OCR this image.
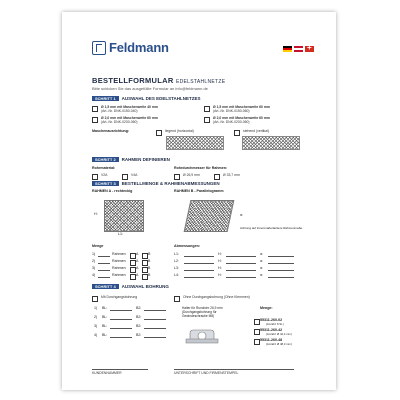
Feldmann
+
BESTELLFORMULAR EDELSTAHLNETZE
Bitte schicken Sie das ausgefüllte Formular an info@feldmann.de
SCHRITT 1	AUSWAHL DES EDELSTAHLNETZES
Ø 1,5 mm mit Maschenweite 40 mm
(Art.-Nr. DNK-0150-040)
Ø 1,5 mm mit Maschenweite 60 mm
(Art.-Nr. DNK-0150-060)
Ø 2,0 mm mit Maschenweite 60 mm
(Art.-Nr. DNK-0200-060)
Ø 2,0 mm mit Maschenweite 60 mm
(Art.-Nr. DNK-0200-060)
Maschenausrichtung:	liegend (horizontal)	stehend (vertikal)
SCHRITT 2	RAHMEN DEFINIEREN
Rohrmaterial:
V2A	V4A
Rohrdurchmesser für Rahmen:
Ø 26,9 mm	Ø 33,7 mm
SCHRITT 3	BESTELLMENGE & RAHMENABMESSUNGEN
RAHMEN A - rechteckig	RAHMEN B - Parallelogramm
H:
L1:
α:
Achtung auf Innenmaße/äußere Rahmenmaße
Menge	Abmessungen:
SCHRITT 4	AUSWAHL BOHRUNG
Mit Durchgangsbohrung	Ohne Durchgangsbohrung (Ohne Klemmen)
Halter für Rundrohr 26,9 mm (Durchgangsbohrung für Gewindeschraube M8)
Menge:
KUNDENNUMMER	UNTERSCHRIFT UND FIRMENSTEMPEL
1)	Rahmen	A	B	L1:	H:	α:
2)	Rahmen	A	B	L2:	H:	α:
3)	Rahmen	A	B	L3:	H:	α:
4)	Rahmen	A	B	L4:	H:	α:
1) BL:	B2:
2) BL:	B2:
3) BL:	B2:
4) BL:	B2:
55311-260-02
(Anzahl: 8 St.)
55311-260-42
(Anzahl: Ø 42,4 mm)
55311-260-48
(Anzahl: Ø 48,3 mm)
